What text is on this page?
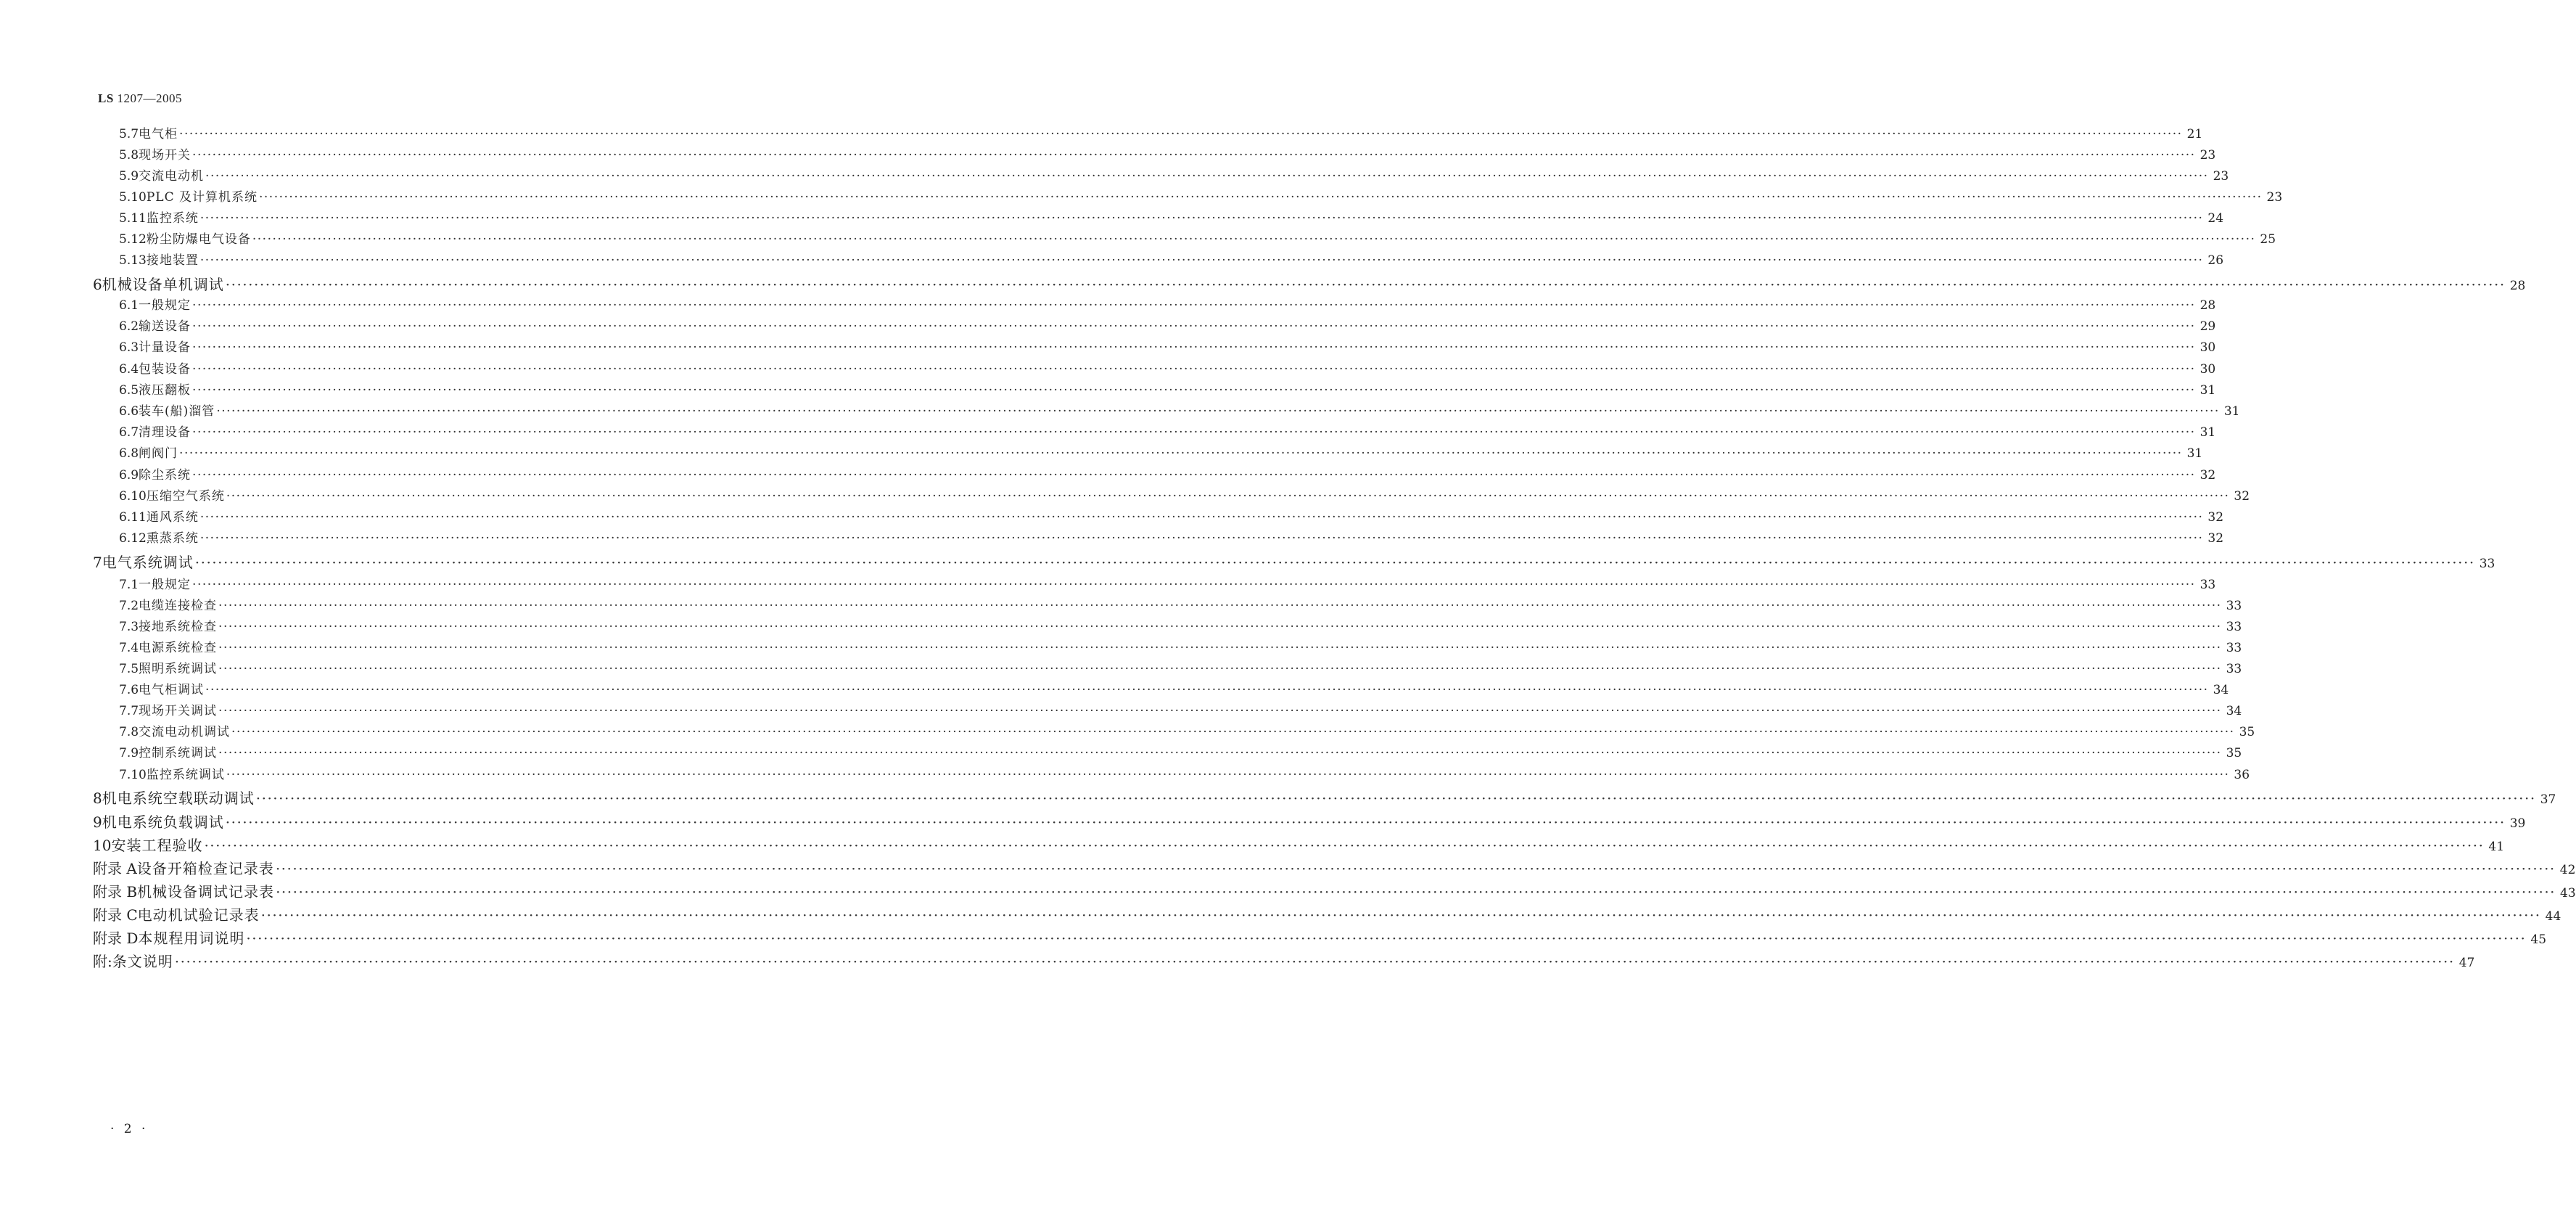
LS 1207—2005
5.7 电气柜 ················································································································································································································································································································································································································ 21
5.8 现场开关 ················································································································································································································································································································································································································ 23
5.9 交流电动机 ················································································································································································································································································································································································································ 23
5.10 PLC 及计算机系统 ················································································································································································································································································································································································································ 23
5.11 监控系统 ················································································································································································································································································································································································································ 24
5.12 粉尘防爆电气设备 ················································································································································································································································································································································································································ 25
5.13 接地装置 ················································································································································································································································································································································································································ 26
6 机械设备单机调试 ················································································································································································································································································································································································································ 28
6.1 一般规定 ················································································································································································································································································································································································································ 28
6.2 输送设备 ················································································································································································································································································································································································································ 29
6.3 计量设备 ················································································································································································································································································································································································································ 30
6.4 包装设备 ················································································································································································································································································································································································································ 30
6.5 液压翻板 ················································································································································································································································································································································································································ 31
6.6 装车(船)溜管 ················································································································································································································································································································································································································ 31
6.7 清理设备 ················································································································································································································································································································································································································ 31
6.8 闸阀门 ················································································································································································································································································································································································································ 31
6.9 除尘系统 ················································································································································································································································································································································································································ 32
6.10 压缩空气系统 ················································································································································································································································································································································································································ 32
6.11 通风系统 ················································································································································································································································································································································································································ 32
6.12 熏蒸系统 ················································································································································································································································································································································································································ 32
7 电气系统调试 ················································································································································································································································································································································································································ 33
7.1 一般规定 ················································································································································································································································································································································································································ 33
7.2 电缆连接检查 ················································································································································································································································································································································································································ 33
7.3 接地系统检查 ················································································································································································································································································································································································································ 33
7.4 电源系统检查 ················································································································································································································································································································································································································ 33
7.5 照明系统调试 ················································································································································································································································································································································································································ 33
7.6 电气柜调试 ················································································································································································································································································································································································································ 34
7.7 现场开关调试 ················································································································································································································································································································································································································ 34
7.8 交流电动机调试 ················································································································································································································································································································································································································ 35
7.9 控制系统调试 ················································································································································································································································································································································································································ 35
7.10 监控系统调试 ················································································································································································································································································································································································································ 36
8 机电系统空载联动调试 ················································································································································································································································································································································································································ 37
9 机电系统负载调试 ················································································································································································································································································································································································································ 39
10 安装工程验收 ················································································································································································································································································································································································································ 41
附录 A 设备开箱检查记录表 ················································································································································································································································································································································································································ 42
附录 B 机械设备调试记录表 ················································································································································································································································································································································································································ 43
附录 C 电动机试验记录表 ················································································································································································································································································································································································································ 44
附录 D 本规程用词说明 ················································································································································································································································································································································································································ 45
附: 条文说明 ················································································································································································································································································································································································································ 47
· 2 ·
